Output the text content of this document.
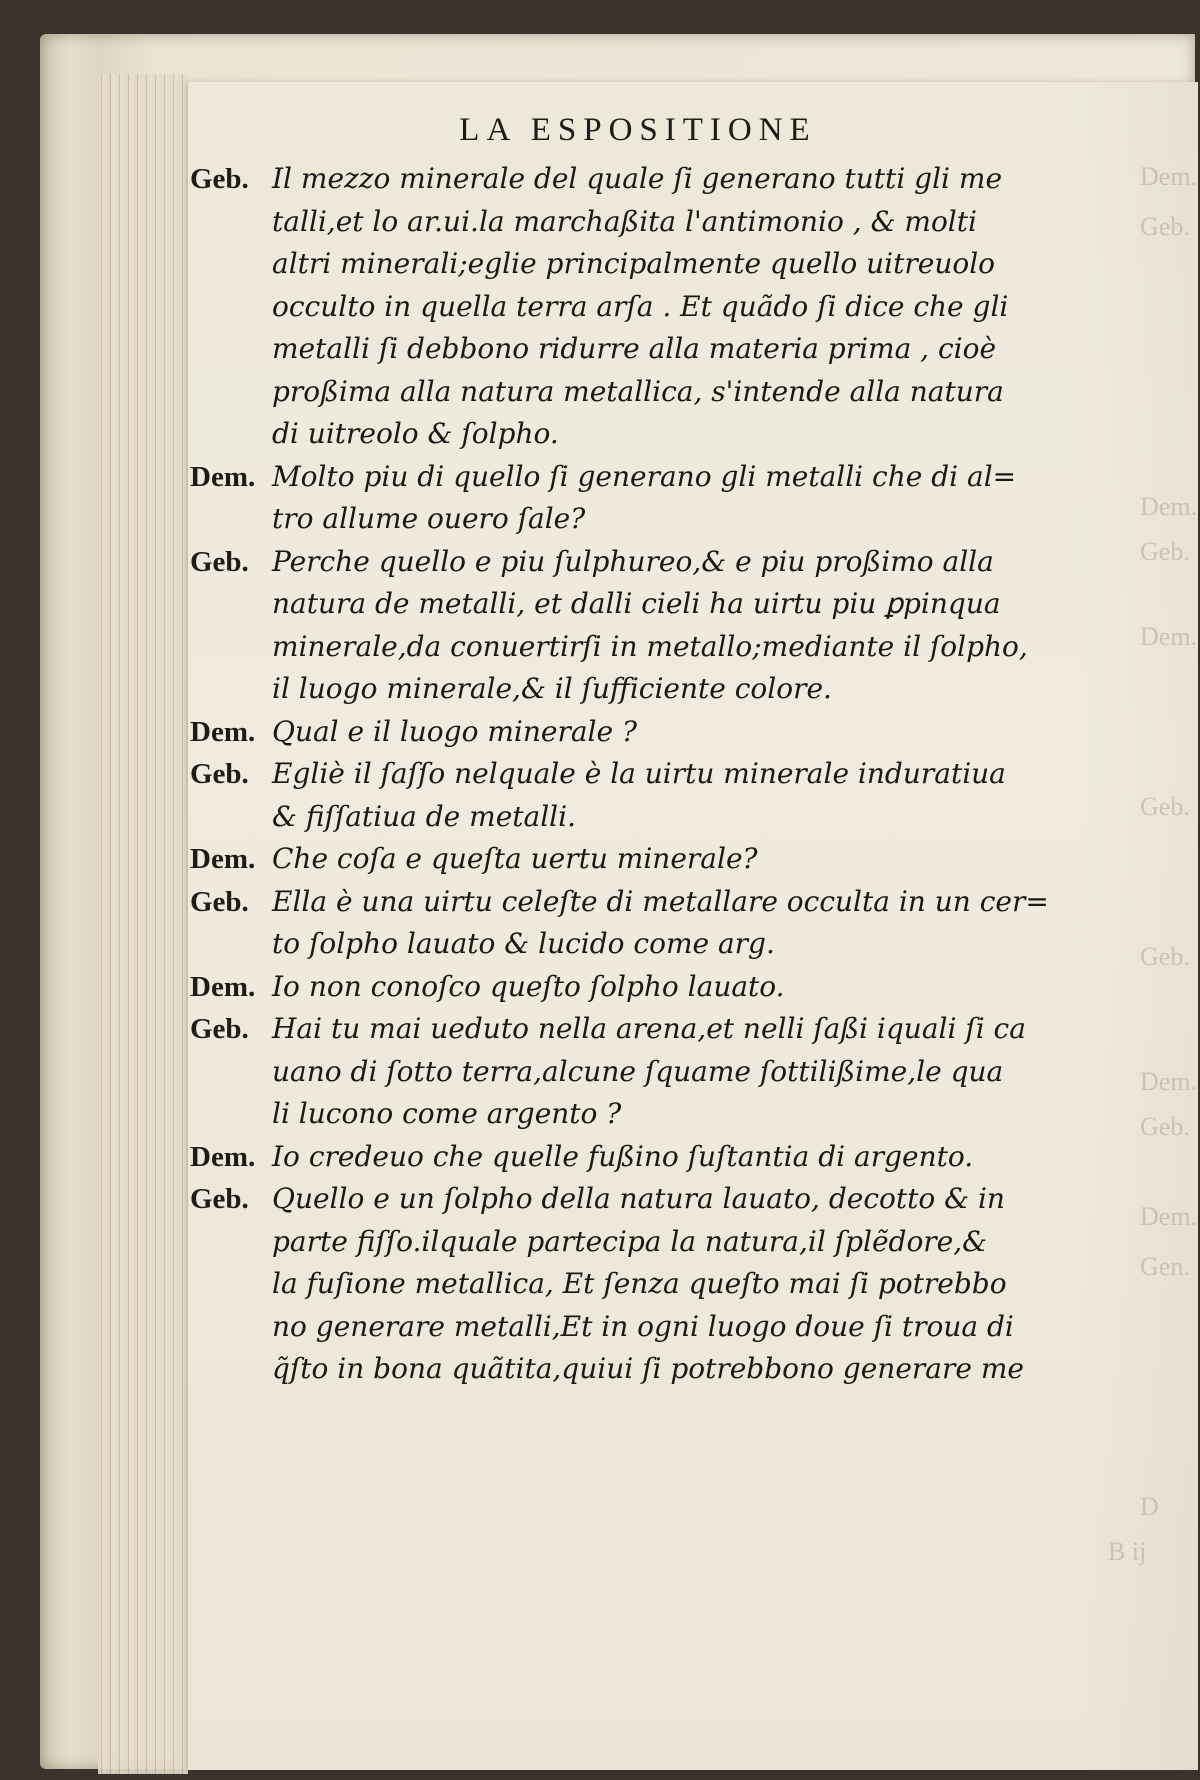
Dem.
Geb.
Geb.
Dem.
Geb.
Dem.
Geb.
Dem.
Geb.
Dem.
Gen.
D
B ij
LA ESPOSITIONE
Geb. Il mezzo minerale del quale ſi generano tutti gli me
talli,et lo ar.ui.la marchaßita l'antimonio , & molti
altri minerali;eglie principalmente quello uitreuolo
occulto in quella terra arſa . Et quãdo ſi dice che gli
metalli ſi debbono ridurre alla materia prima , cioè
proßima alla natura metallica, s'intende alla natura
di uitreolo & ſolpho.
Dem. Molto piu di quello ſi generano gli metalli che di al=
tro allume ouero ſale?
Geb. Perche quello e piu ſulphureo,& e piu proßimo alla
natura de metalli, et dalli cieli ha uirtu piu ꝑpinqua
minerale,da conuertirſi in metallo;mediante il ſolpho,
il luogo minerale,& il ſufficiente colore.
Dem. Qual e il luogo minerale ?
Geb. Egliè il ſaſſo nelquale è la uirtu minerale induratiua
& fiſſatiua de metalli.
Dem. Che coſa e queſta uertu minerale?
Geb. Ella è una uirtu celeſte di metallare occulta in un cer=
to ſolpho lauato & lucido come arg.
Dem. Io non conoſco queſto ſolpho lauato.
Geb. Hai tu mai ueduto nella arena,et nelli ſaßi iquali ſi ca
uano di ſotto terra,alcune ſquame ſottilißime,le qua
li lucono come argento ?
Dem. Io credeuo che quelle fußino ſuſtantia di argento.
Geb. Quello e un ſolpho della natura lauato, decotto & in
parte fiſſo.ilquale partecipa la natura,il ſplẽdore,&
la fuſione metallica, Et ſenza queſto mai ſi potrebbo
no generare metalli,Et in ogni luogo doue ſi troua di
q̃ſto in bona quãtita,quiui ſi potrebbono generare me
